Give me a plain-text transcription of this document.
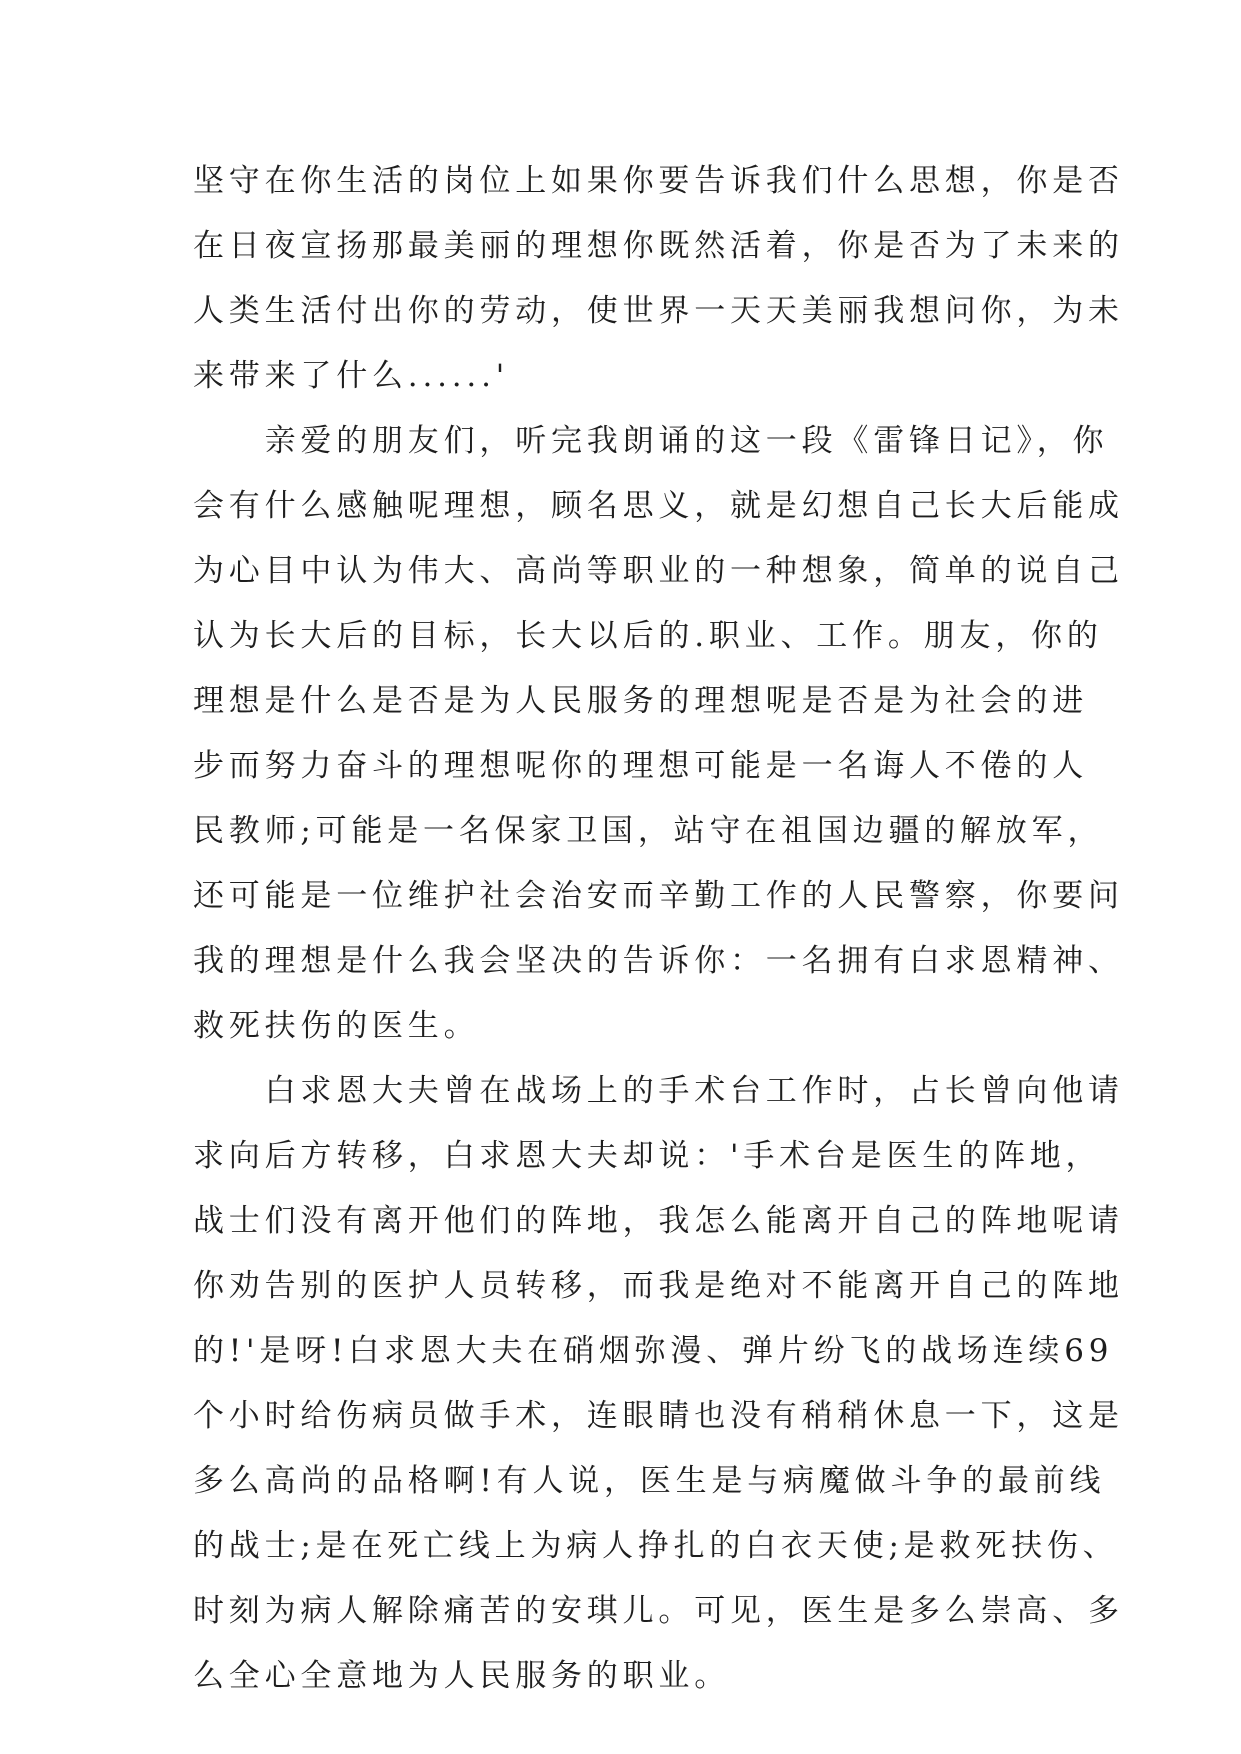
坚守在你生活的岗位上如果你要告诉我们什么思想，你是否
在日夜宣扬那最美丽的理想你既然活着，你是否为了未来的
人类生活付出你的劳动，使世界一天天美丽我想问你，为未
来带来了什么......'
　　亲爱的朋友们，听完我朗诵的这一段《雷锋日记》，你
会有什么感触呢理想，顾名思义，就是幻想自己长大后能成
为心目中认为伟大、高尚等职业的一种想象，简单的说自己
认为长大后的目标，长大以后的.职业、工作。朋友，你的
理想是什么是否是为人民服务的理想呢是否是为社会的进
步而努力奋斗的理想呢你的理想可能是一名诲人不倦的人
民教师;可能是一名保家卫国，站守在祖国边疆的解放军，
还可能是一位维护社会治安而辛勤工作的人民警察，你要问
我的理想是什么我会坚决的告诉你：一名拥有白求恩精神、
救死扶伤的医生。
　　白求恩大夫曾在战场上的手术台工作时，占长曾向他请
求向后方转移，白求恩大夫却说：'手术台是医生的阵地，
战士们没有离开他们的阵地，我怎么能离开自己的阵地呢请
你劝告别的医护人员转移，而我是绝对不能离开自己的阵地
的!'是呀!白求恩大夫在硝烟弥漫、弹片纷飞的战场连续69
个小时给伤病员做手术，连眼睛也没有稍稍休息一下，这是
多么高尚的品格啊!有人说，医生是与病魔做斗争的最前线
的战士;是在死亡线上为病人挣扎的白衣天使;是救死扶伤、
时刻为病人解除痛苦的安琪儿。可见，医生是多么崇高、多
么全心全意地为人民服务的职业。
